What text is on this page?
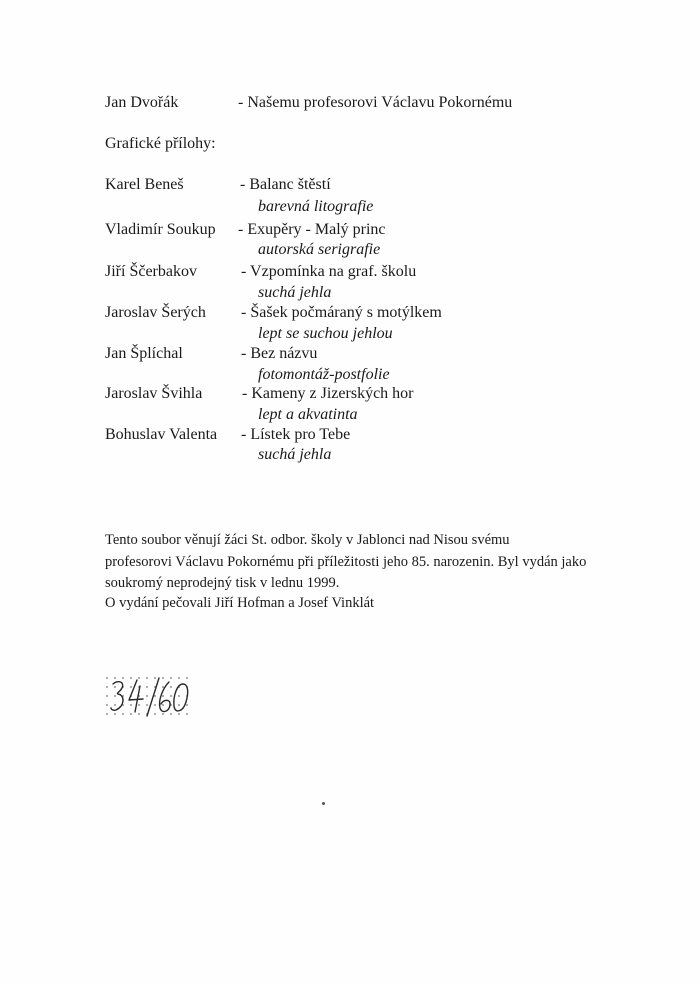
Jan Dvořák	- Našemu profesorovi Václavu Pokornému
Grafické přílohy:
Karel Beneš	- Balanc štěstí
barevná litografie
Vladimír Soukup - Exupěry - Malý princ
autorská serigrafie
Jiří Ščerbakov	- Vzpomínka na graf. školu
suchá jehla
Jaroslav Šerých - Šašek počmáraný s motýlkem
lept se suchou jehlou
Jan Šplíchal	- Bez názvu
fotomontáž-postfolie
Jaroslav Švihla - Kameny z Jizerských hor
lept a akvatinta
Bohuslav Valenta - Lístek pro Tebe
suchá jehla
Tento soubor věnují žáci St. odbor. školy v Jablonci nad Nisou svému
profesorovi Václavu Pokornému při příležitosti jeho 85. narozenin. Byl vydán jako
soukromý neprodejný tisk v lednu 1999.
O vydání pečovali Jiří Hofman a Josef Vinklát
